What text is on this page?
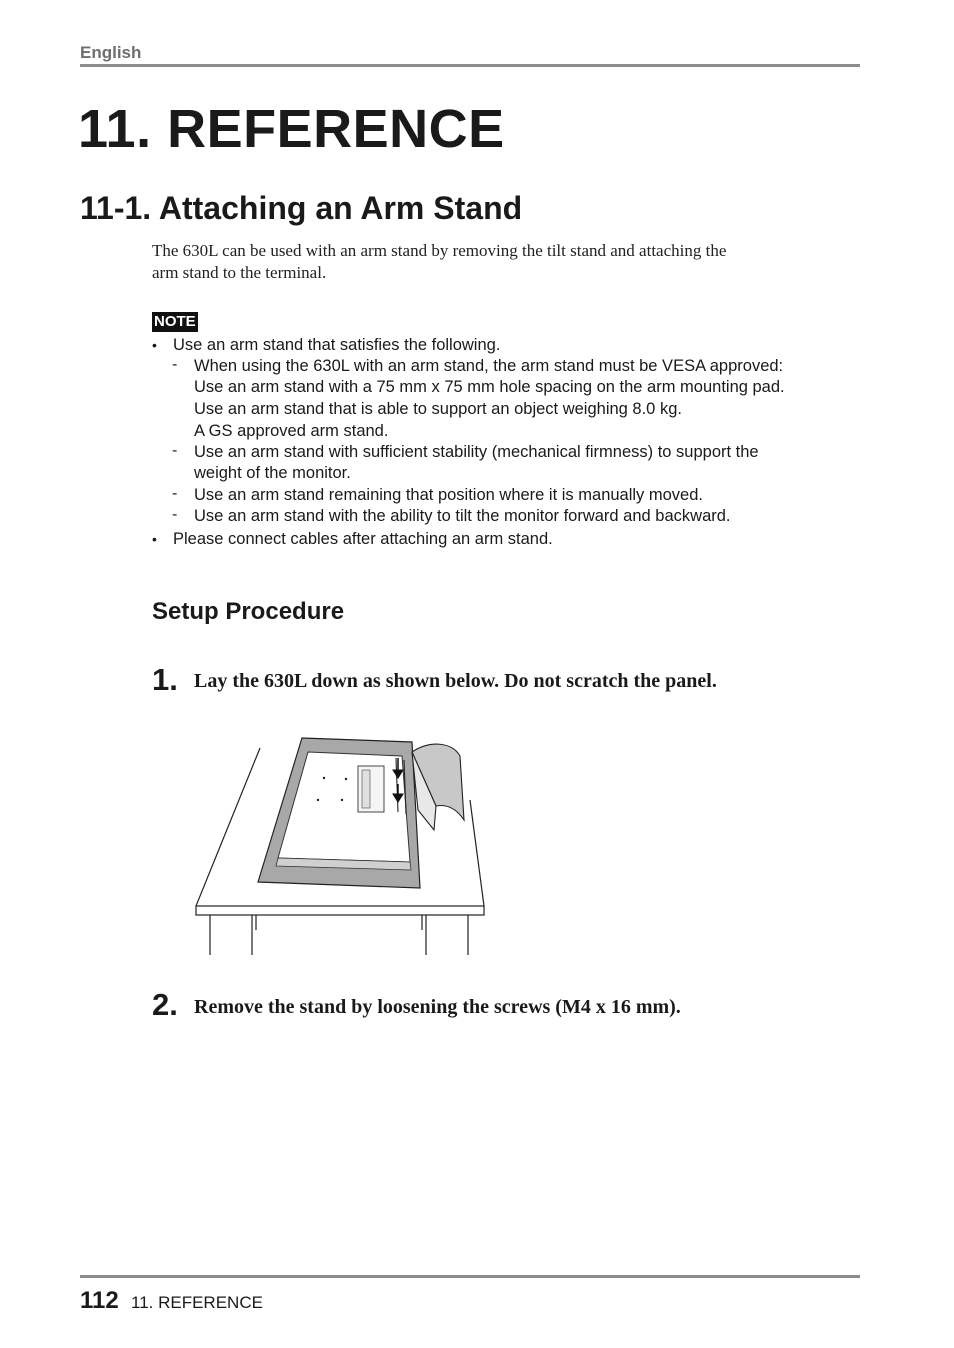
English
11. REFERENCE
11-1. Attaching an Arm Stand
The 630L can be used with an arm stand by removing the tilt stand and attaching the
arm stand to the terminal.
NOTE
• Use an arm stand that satisfies the following.
- When using the 630L with an arm stand, the arm stand must be VESA approved:
Use an arm stand with a 75 mm x 75 mm hole spacing on the arm mounting pad.
Use an arm stand that is able to support an object weighing 8.0 kg.
A GS approved arm stand.
- Use an arm stand with sufficient stability (mechanical firmness) to support the
weight of the monitor.
- Use an arm stand remaining that position where it is manually moved.
- Use an arm stand with the ability to tilt the monitor forward and backward.
• Please connect cables after attaching an arm stand.
Setup Procedure
1. Lay the 630L down as shown below. Do not scratch the panel.
2. Remove the stand by loosening the screws (M4 x 16 mm).
112 11. REFERENCE
